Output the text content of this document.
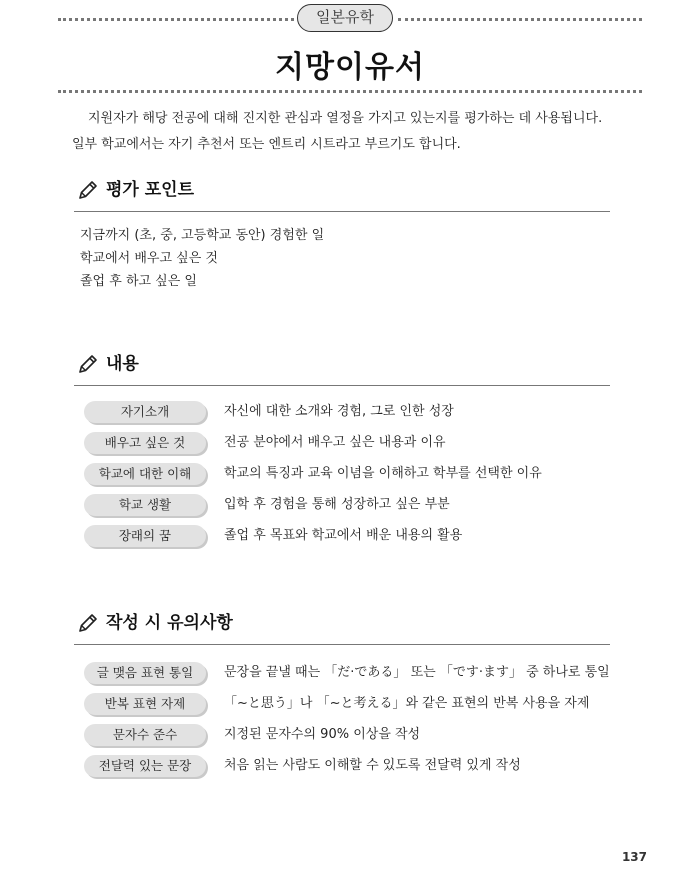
일본유학
지망이유서

지원자가 해당 전공에 대해 진지한 관심과 열정을 가지고 있는지를 평가하는 데 사용됩니다.

일부 학교에서는 자기 추천서 또는 엔트리 시트라고 부르기도 합니다.

평가 포인트
지금까지 (초, 중, 고등학교 동안) 경험한 일
학교에서 배우고 싶은 것
졸업 후 하고 싶은 일
내용
자기소개	자신에 대한 소개와 경험, 그로 인한 성장
배우고 싶은 것	전공 분야에서 배우고 싶은 내용과 이유
학교에 대한 이해	학교의 특징과 교육 이념을 이해하고 학부를 선택한 이유
학교 생활	입학 후 경험을 통해 성장하고 싶은 부분
장래의 꿈	졸업 후 목표와 학교에서 배운 내용의 활용
작성 시 유의사항
글 맺음 표현 통일	문장을 끝낼 때는 「だ·である」 또는 「です·ます」 중 하나로 통일
반복 표현 자제	「~と思う」나 「~と考える」와 같은 표현의 반복 사용을 자제
문자수 준수	지정된 문자수의 90% 이상을 작성
전달력 있는 문장	처음 읽는 사람도 이해할 수 있도록 전달력 있게 작성
137
